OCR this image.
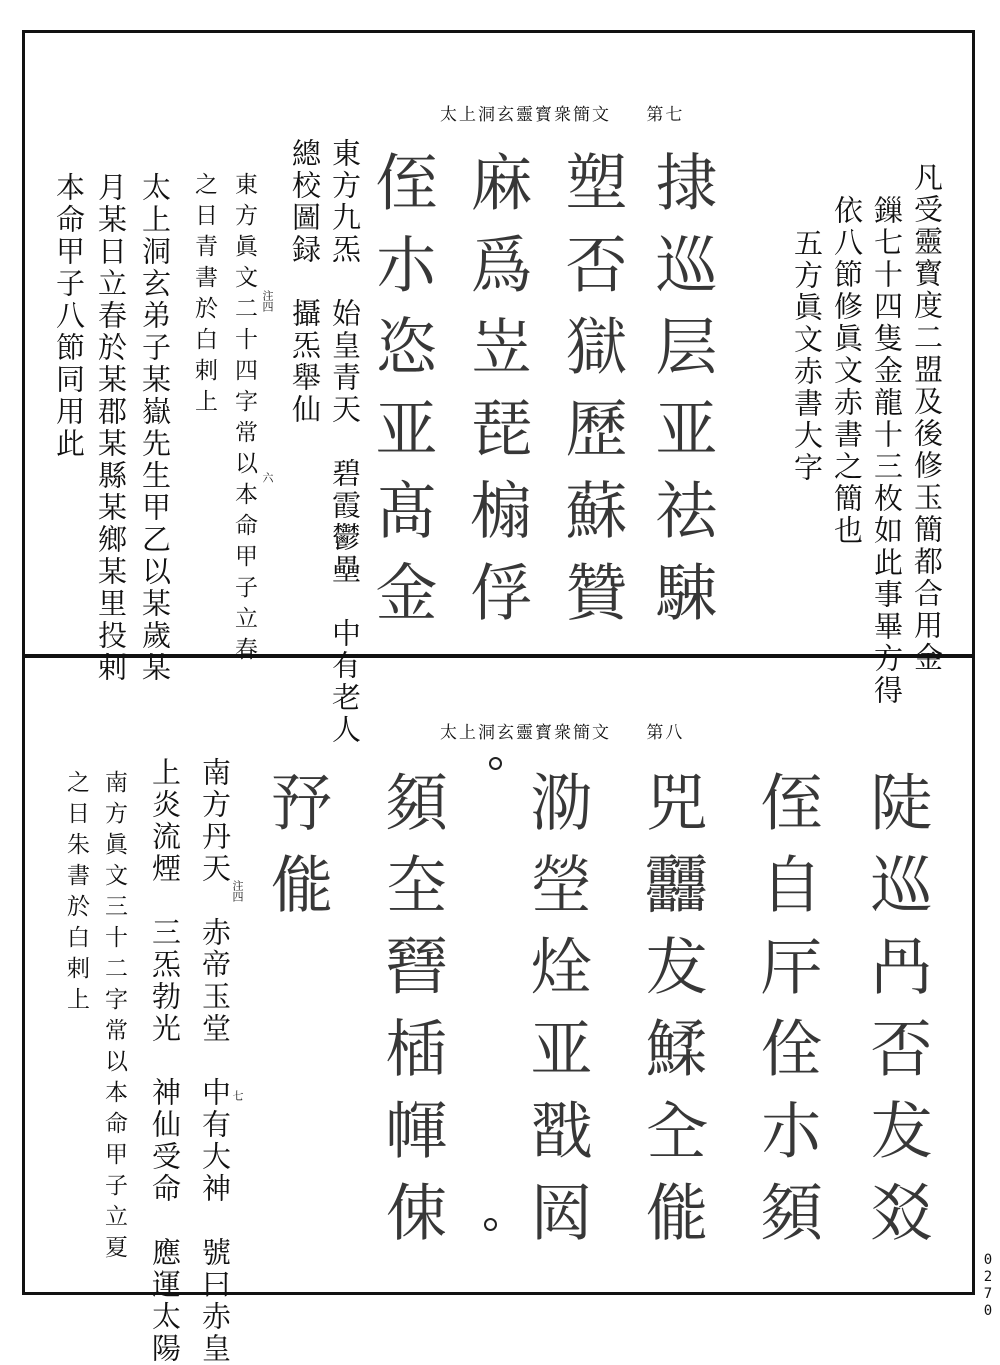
太上洞玄靈寳衆簡文 第七
凡受靈寳度二盟及後修玉簡都合用金
鏁七十四隻金龍十三枚如此事畢方得
依八節修眞文赤書之簡也
五方眞文赤書大字
捸巡层亚祛駷
塑否獄歷蘇贊
麻爲岦琵㮼俘
侄朩恣亚髙金
東方九炁　始皇青天　碧霞鬱壘　中有老人
總校圖録　攝炁舉仙
注四
東方眞文二十四字常以本命甲子立春
之日青書於白剌上
六
太上洞玄弟子某嶽先生甲乙以某歲某
月某日立春於某郡某縣某鄉某里投剌
本命甲子八節同用此
太上洞玄靈寳衆簡文 第八
陡巡冎否犮㸚
侄自厈佺朩䫂
兕䨻犮鰇㒰㑷
泐塋烇亚㦻㒺
䫂圶㬜㮑㡓㑛
㐨㑷
南方丹天　赤帝玉堂　中有大神　號曰赤皇 注四
上炎流煙　三炁勃光　神仙受命　應運太陽	七
南方眞文三十二字常以本命甲子立夏
之日朱書於白剌上
0270
